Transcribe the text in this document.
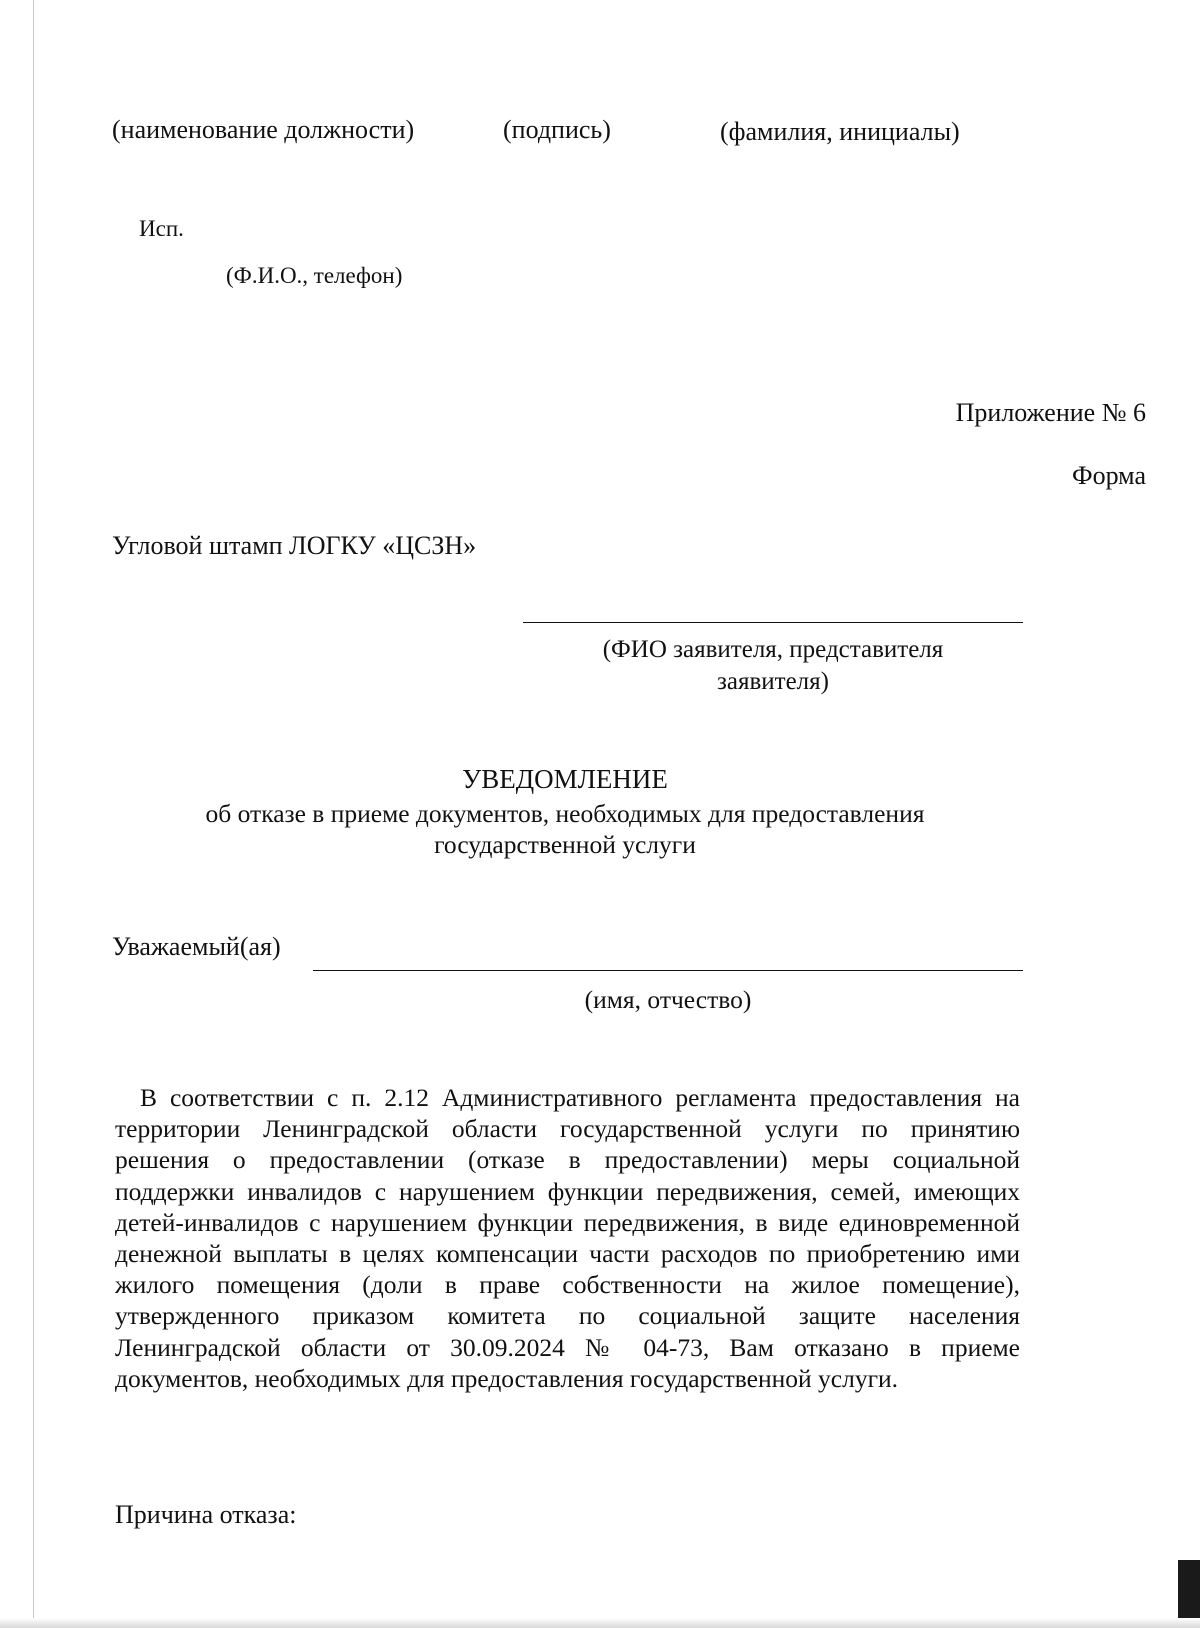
(наименование должности)	(подпись)	(фамилия, инициалы)
Исп.
(Ф.И.О., телефон)
Приложение № 6
Форма
Угловой штамп ЛОГКУ «ЦСЗН»
(ФИО заявителя, представителя
заявителя)
УВЕДОМЛЕНИЕ
об отказе в приеме документов, необходимых для предоставления
государственной услуги
Уважаемый(ая)
(имя, отчество)
В соответствии с п. 2.12 Административного регламента предоставления на территории Ленинградской области государственной услуги по принятию решения о предоставлении (отказе в предоставлении) меры социальной поддержки инвалидов с нарушением функции передвижения, семей, имеющих детей-инвалидов с нарушением функции передвижения, в виде единовременной денежной выплаты в целях компенсации части расходов по приобретению ими жилого помещения (доли в праве собственности на жилое помещение), утвержденного приказом комитета по социальной защите населения Ленинградской области от 30.09.2024 № 04-73, Вам отказано в приеме документов, необходимых для предоставления государственной услуги.
Причина отказа:
